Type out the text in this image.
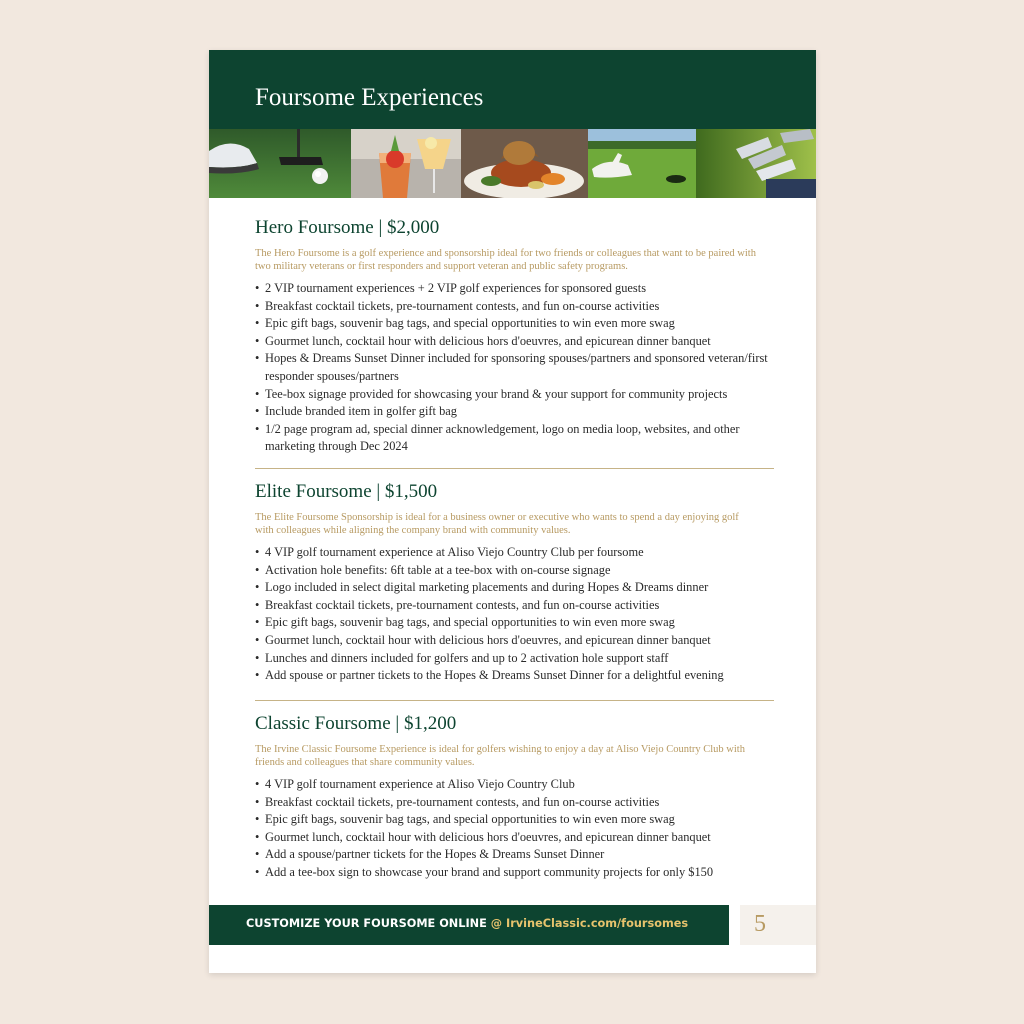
Foursome Experiences
Hero Foursome | $2,000

The Hero Foursome is a golf experience and sponsorship ideal for two friends or colleagues that want to be paired with two military veterans or first responders and support veteran and public safety programs.

• 2 VIP tournament experiences + 2 VIP golf experiences for sponsored guests
• Breakfast cocktail tickets, pre-tournament contests, and fun on-course activities
• Epic gift bags, souvenir bag tags, and special opportunities to win even more swag
• Gourmet lunch, cocktail hour with delicious hors d'oeuvres, and epicurean dinner banquet
• Hopes & Dreams Sunset Dinner included for sponsoring spouses/partners and sponsored veteran/first responder spouses/partners
• Tee-box signage provided for showcasing your brand & your support for community projects
• Include branded item in golfer gift bag
• 1/2 page program ad, special dinner acknowledgement, logo on media loop, websites, and other marketing through Dec 2024
Elite Foursome | $1,500

The Elite Foursome Sponsorship is ideal for a business owner or executive who wants to spend a day enjoying golf with colleagues while aligning the company brand with community values.

• 4 VIP golf tournament experience at Aliso Viejo Country Club per foursome
• Activation hole benefits: 6ft table at a tee-box with on-course signage
• Logo included in select digital marketing placements and during Hopes & Dreams dinner
• Breakfast cocktail tickets, pre-tournament contests, and fun on-course activities
• Epic gift bags, souvenir bag tags, and special opportunities to win even more swag
• Gourmet lunch, cocktail hour with delicious hors d'oeuvres, and epicurean dinner banquet
• Lunches and dinners included for golfers and up to 2 activation hole support staff
• Add spouse or partner tickets to the Hopes & Dreams Sunset Dinner for a delightful evening
Classic Foursome | $1,200

The Irvine Classic Foursome Experience is ideal for golfers wishing to enjoy a day at Aliso Viejo Country Club with friends and colleagues that share community values.

• 4 VIP golf tournament experience at Aliso Viejo Country Club
• Breakfast cocktail tickets, pre-tournament contests, and fun on-course activities
• Epic gift bags, souvenir bag tags, and special opportunities to win even more swag
• Gourmet lunch, cocktail hour with delicious hors d'oeuvres, and epicurean dinner banquet
• Add a spouse/partner tickets for the Hopes & Dreams Sunset Dinner
• Add a tee-box sign to showcase your brand and support community projects for only $150
CUSTOMIZE YOUR FOURSOME ONLINE @ IrvineClassic.com/foursomes	5
